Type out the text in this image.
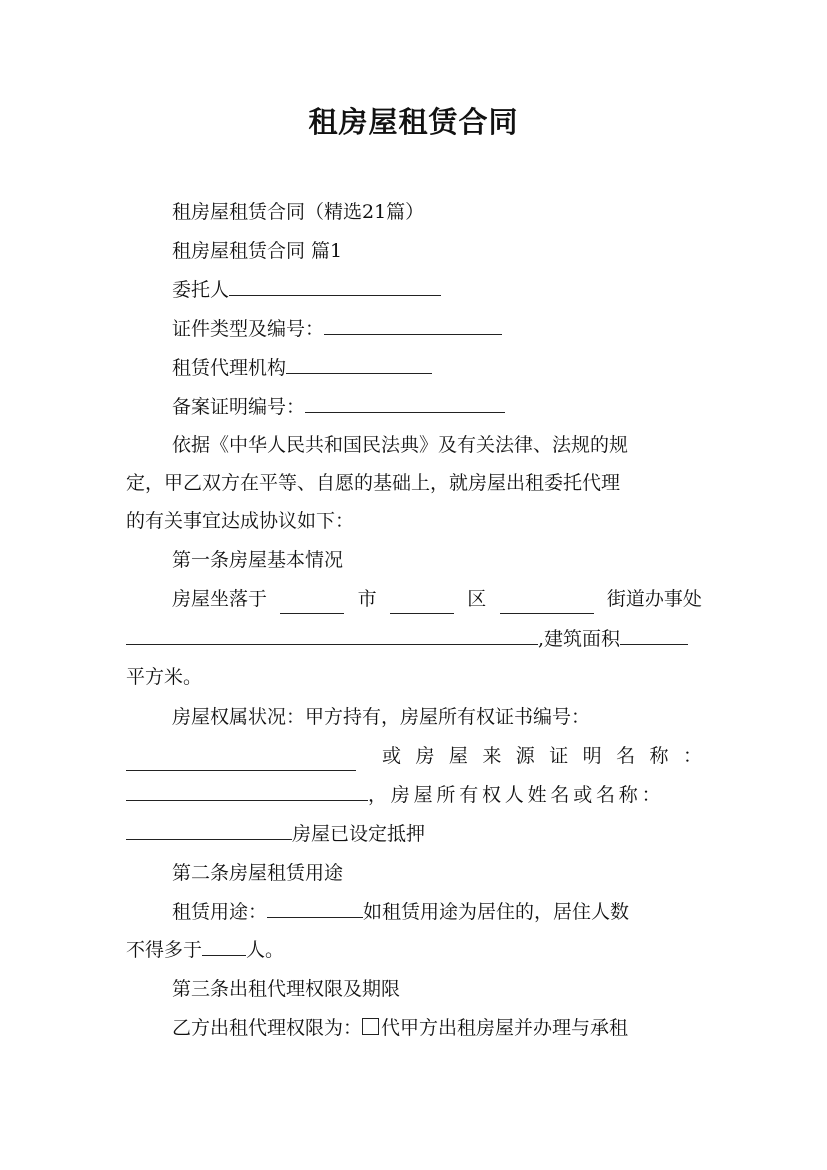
租房屋租赁合同
租房屋租赁合同（精选21篇）
租房屋租赁合同 篇1
委托人
证件类型及编号：
租赁代理机构
备案证明编号：
依据《中华人民共和国民法典》及有关法律、法规的规
定，甲乙双方在平等、自愿的基础上，就房屋出租委托代理
的有关事宜达成协议如下：
第一条房屋基本情况
房屋坐落于	市	区	街道办事处
,建筑面积
平方米。
房屋权属状况：甲方持有，房屋所有权证书编号：
或 房 屋 来 源 证 明 名 称 ：
，房屋所有权人姓名或名称：
房屋已设定抵押
第二条房屋租赁用途
租赁用途：	如租赁用途为居住的，居住人数
不得多于 人。
第三条出租代理权限及期限
乙方出租代理权限为： 代甲方出租房屋并办理与承租
